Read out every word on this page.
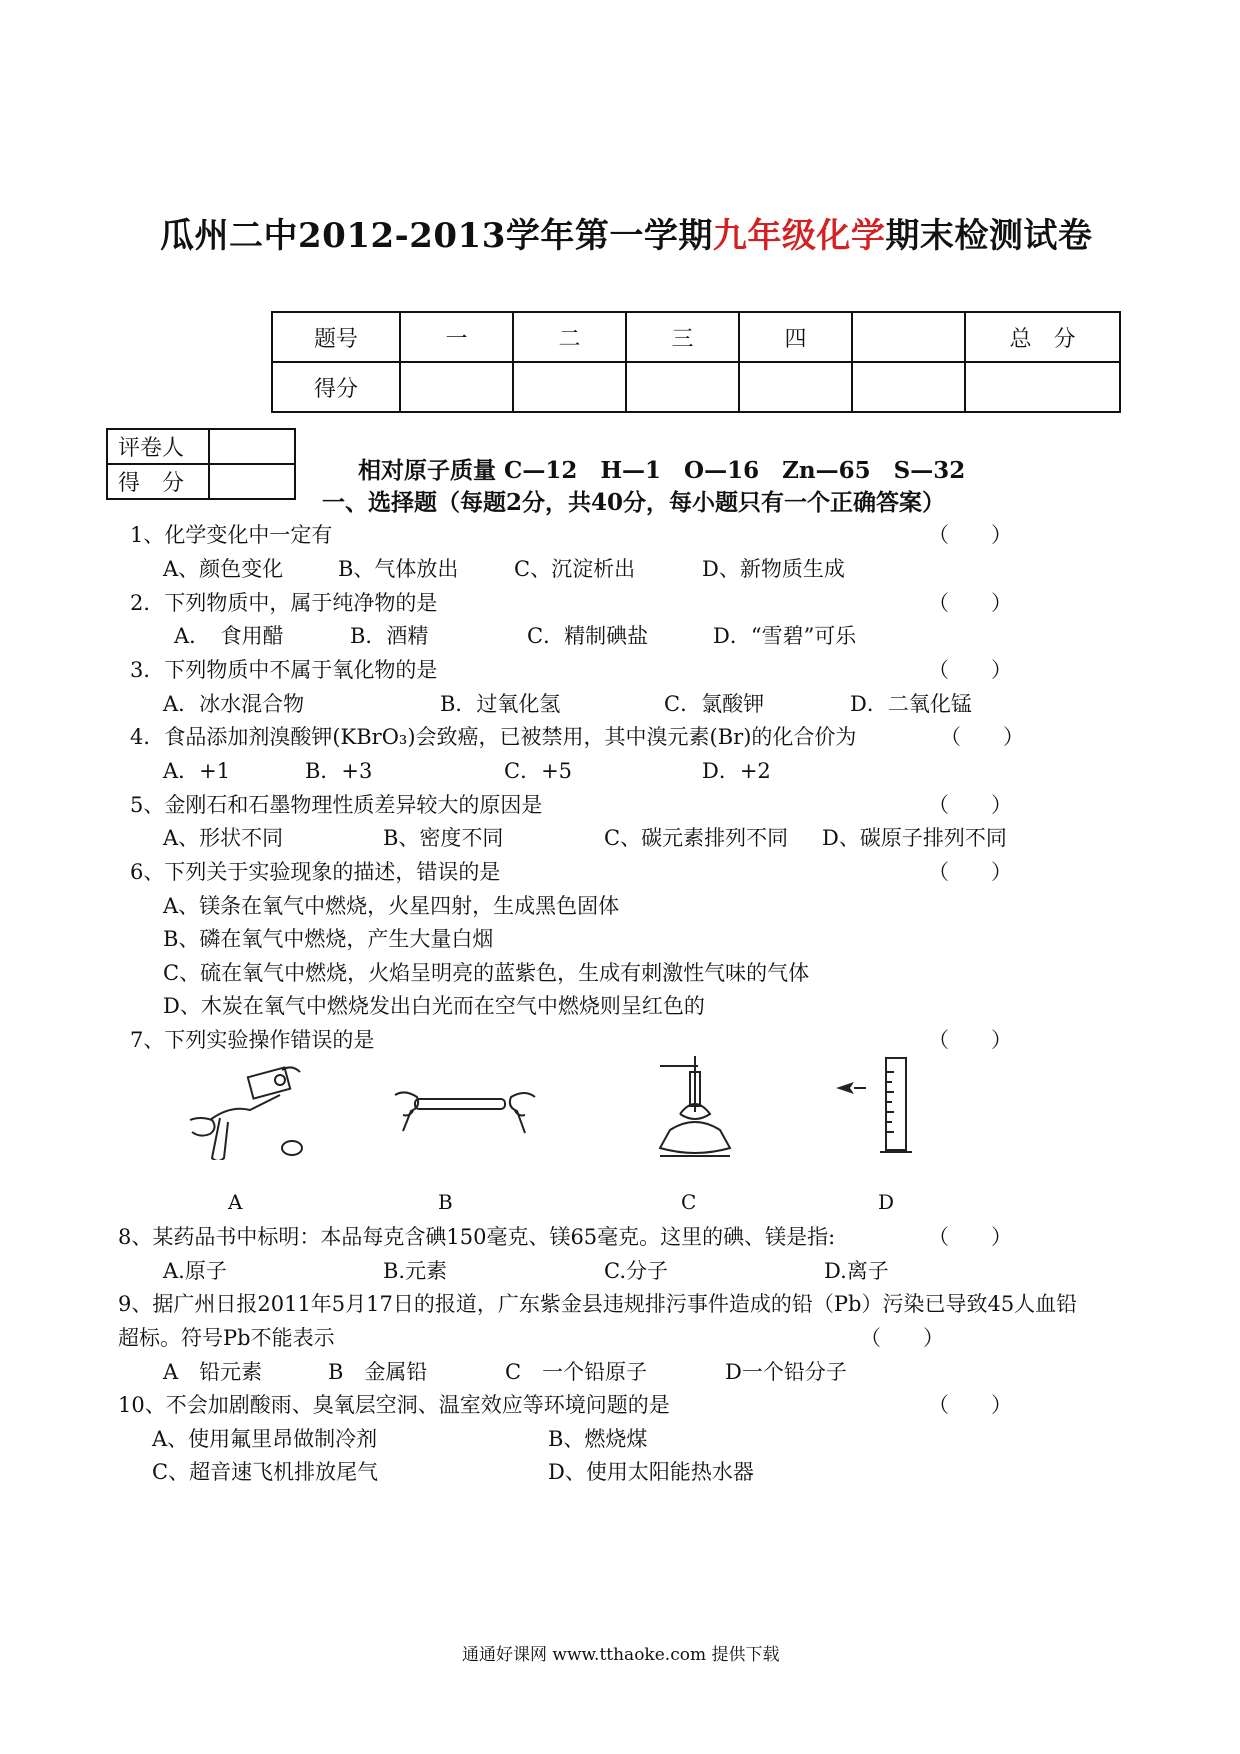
瓜州二中2012-2013学年第一学期九年级化学期末检测试卷
题号	一	二	三	四		总　分
得分						
评卷人	
得　分		相对原子质量 C—12　H—1　O—16　Zn—65　S—32
一、选择题（每题2分，共40分，每小题只有一个正确答案）
1、化学变化中一定有	（　　）
A、颜色变化	B、气体放出	C、沉淀析出	D、新物质生成
2．下列物质中，属于纯净物的是	（　　）
A．　食用醋	B．酒精	C．精制碘盐	D．“雪碧”可乐
3．下列物质中不属于氧化物的是	（　　）
A．冰水混合物	B．过氧化氢	C．氯酸钾	D．二氧化锰
4．食品添加剂溴酸钾(KBrO₃)会致癌，已被禁用，其中溴元素(Br)的化合价为	（　　）
A．+1	B．+3	C．+5	D．+2
5、金刚石和石墨物理性质差异较大的原因是	（　　）
A、形状不同	B、密度不同	C、碳元素排列不同 D、碳原子排列不同
6、下列关于实验现象的描述，错误的是	（　　）
A、镁条在氧气中燃烧，火星四射，生成黑色固体
B、磷在氧气中燃烧，产生大量白烟
C、硫在氧气中燃烧，火焰呈明亮的蓝紫色，生成有刺激性气味的气体
D、木炭在氧气中燃烧发出白光而在空气中燃烧则呈红色的
7、下列实验操作错误的是	（　　）
A	B	C	D
8、某药品书中标明：本品每克含碘150毫克、镁65毫克。这里的碘、镁是指:	（　　）
A.原子	B.元素	C.分子	D.离子
9、据广州日报2011年5月17日的报道，广东紫金县违规排污事件造成的铅（Pb）污染已导致45人血铅
超标。符号Pb不能表示	（　　）
A　铅元素	B　金属铅	C　一个铅原子	D一个铅分子
10、不会加剧酸雨、臭氧层空洞、温室效应等环境问题的是	（　　）
A、使用氟里昂做制冷剂	B、燃烧煤
C、超音速飞机排放尾气	D、使用太阳能热水器
通通好课网 www.tthaoke.com 提供下载
